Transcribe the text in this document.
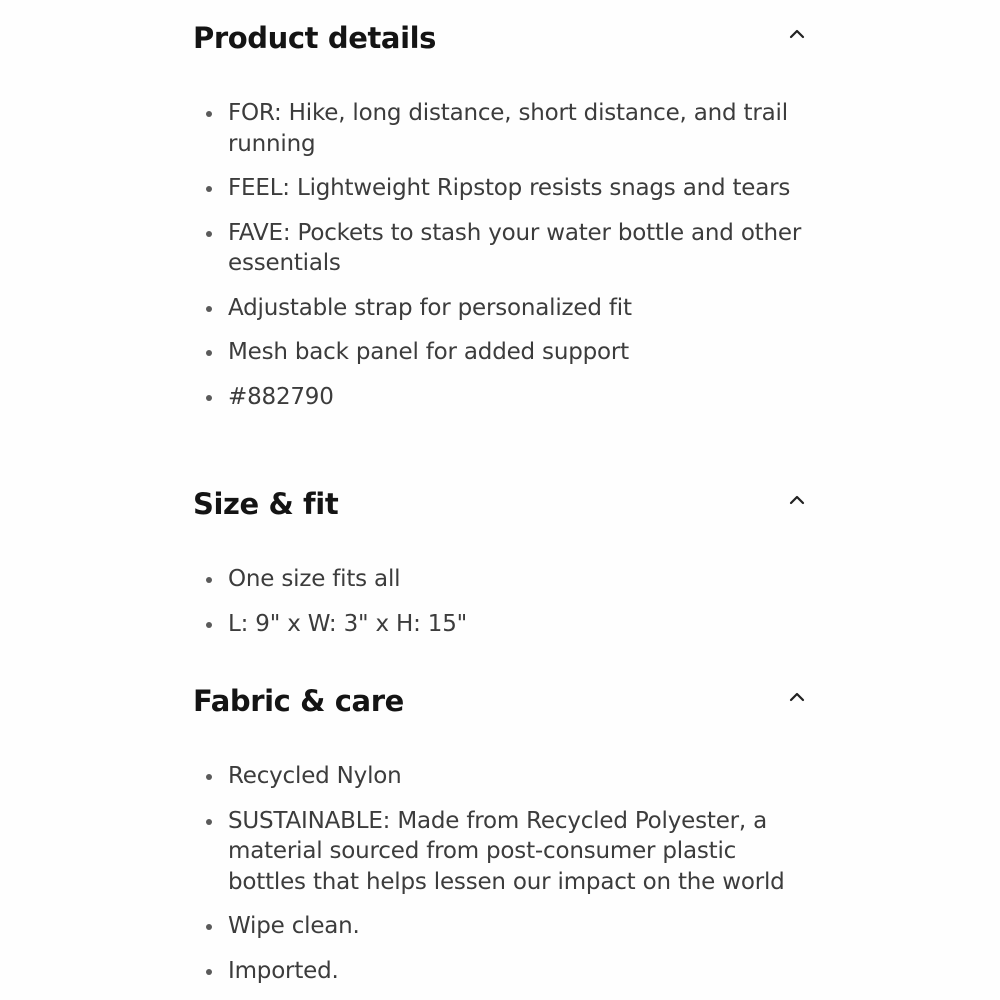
Product details
FOR: Hike, long distance, short distance, and trail running
FEEL: Lightweight Ripstop resists snags and tears
FAVE: Pockets to stash your water bottle and other essentials
Adjustable strap for personalized fit
Mesh back panel for added support
#882790
Size & fit
One size fits all
L: 9" x W: 3" x H: 15"
Fabric & care
Recycled Nylon
SUSTAINABLE: Made from Recycled Polyester, a material sourced from post-consumer plastic bottles that helps lessen our impact on the world
Wipe clean.
Imported.
